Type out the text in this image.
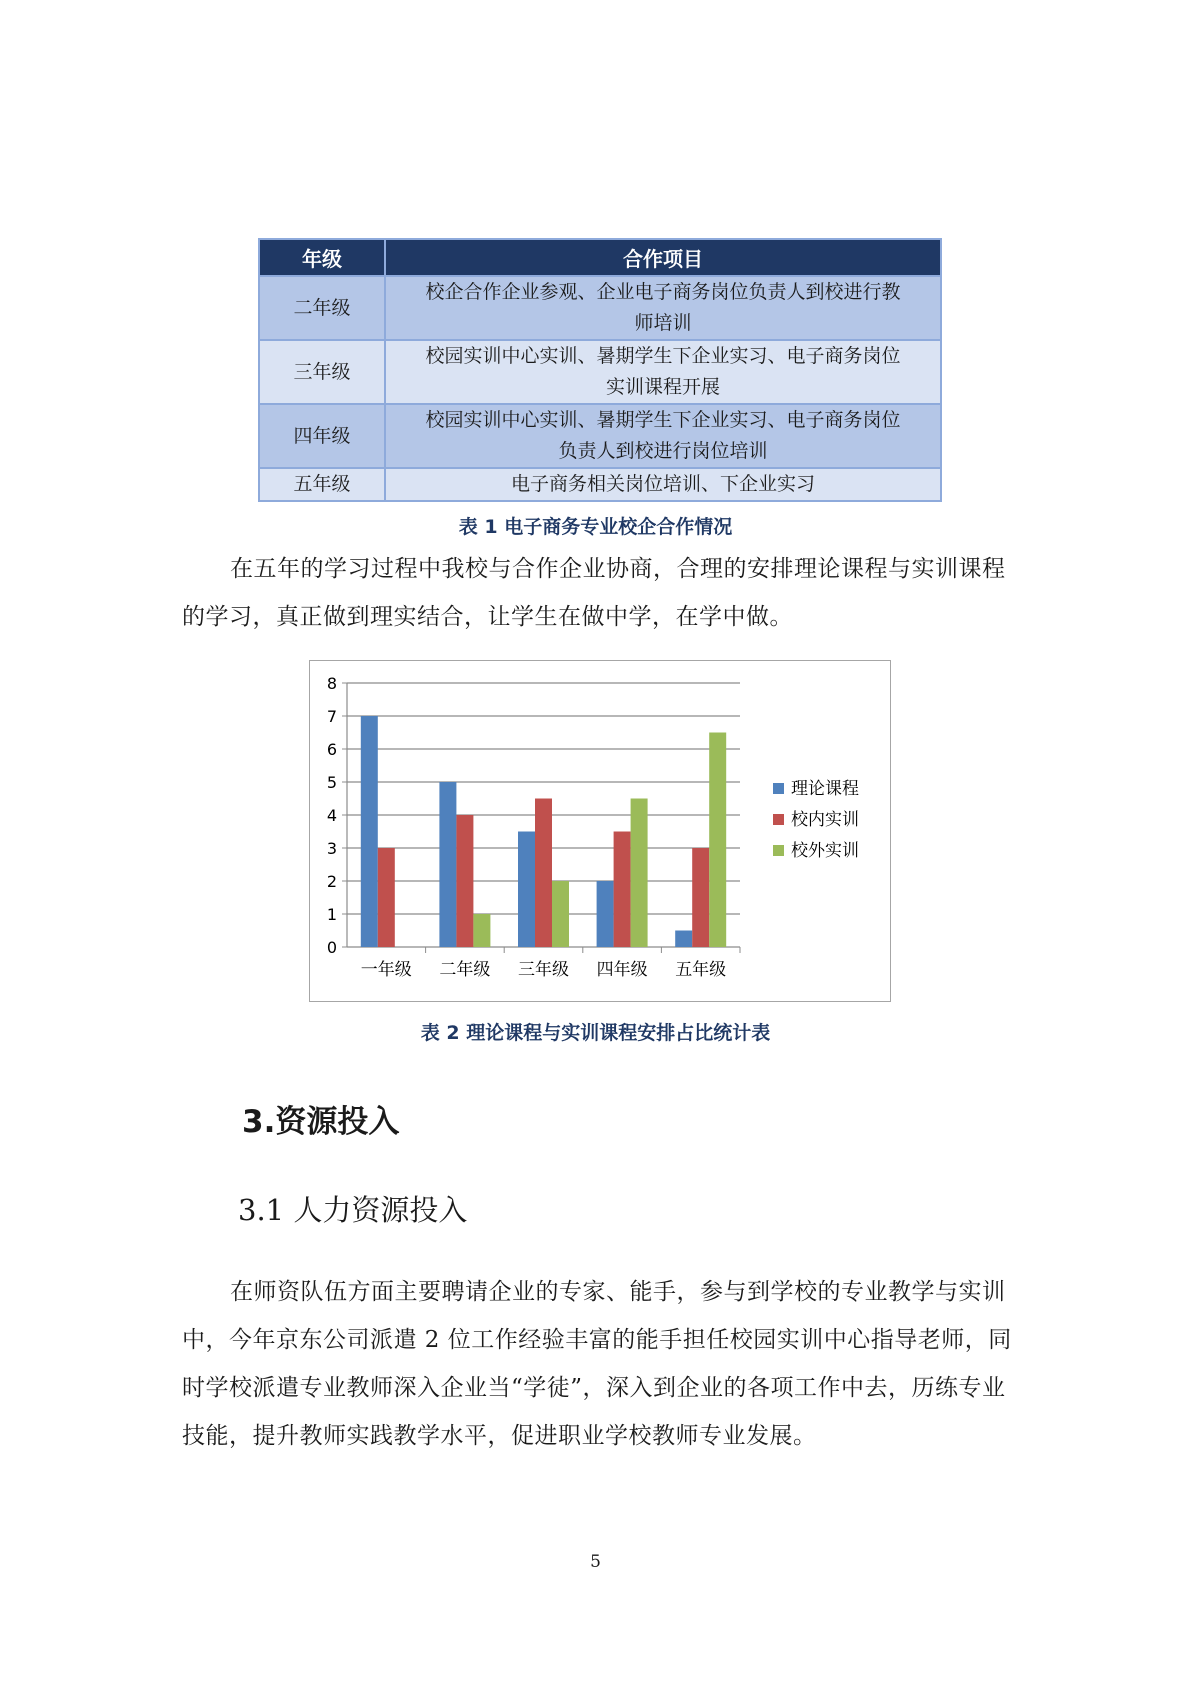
年级	合作项目
二年级	校企合作企业参观、企业电子商务岗位负责人到校进行教
师培训
三年级	校园实训中心实训、暑期学生下企业实习、电子商务岗位
实训课程开展
四年级	校园实训中心实训、暑期学生下企业实习、电子商务岗位
负责人到校进行岗位培训
五年级	电子商务相关岗位培训、下企业实习
表 1 电子商务专业校企合作情况

在五年的学习过程中我校与合作企业协商，合理的安排理论课程与实训课程的学习，真正做到理实结合，让学生在做中学，在学中做。

0
1
2
3
4
5
6
7
8
一年级 二年级 三年级 四年级 五年级
理论课程
校内实训
校外实训
表 2 理论课程与实训课程安排占比统计表
3.资源投入
3.1 人力资源投入

在师资队伍方面主要聘请企业的专家、能手，参与到学校的专业教学与实训中，今年京东公司派遣 2 位工作经验丰富的能手担任校园实训中心指导老师，同时学校派遣专业教师深入企业当“学徒”，深入到企业的各项工作中去，历练专业技能，提升教师实践教学水平，促进职业学校教师专业发展。

5
